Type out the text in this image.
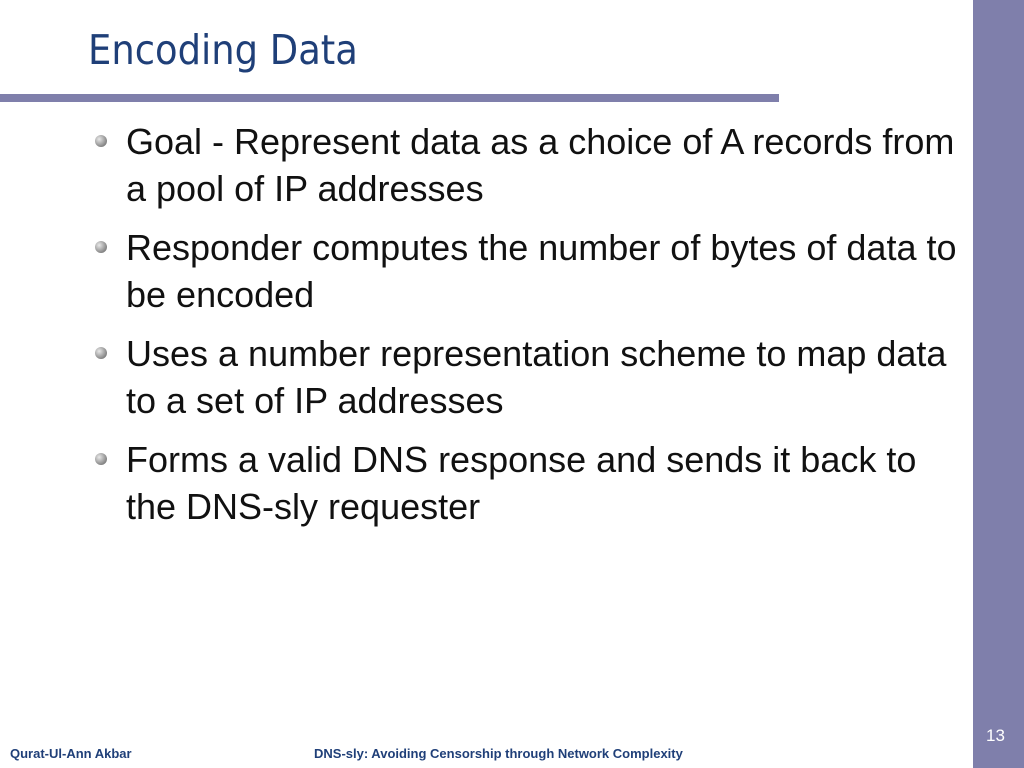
Encoding Data
Goal - Represent data as a choice of A records from a pool of IP addresses
Responder computes the number of bytes of data to be encoded
Uses a number representation scheme to map data to a set of IP addresses
Forms a valid DNS response and sends it back to the DNS-sly requester
Qurat-Ul-Ann Akbar	DNS-sly: Avoiding Censorship through Network Complexity
13
